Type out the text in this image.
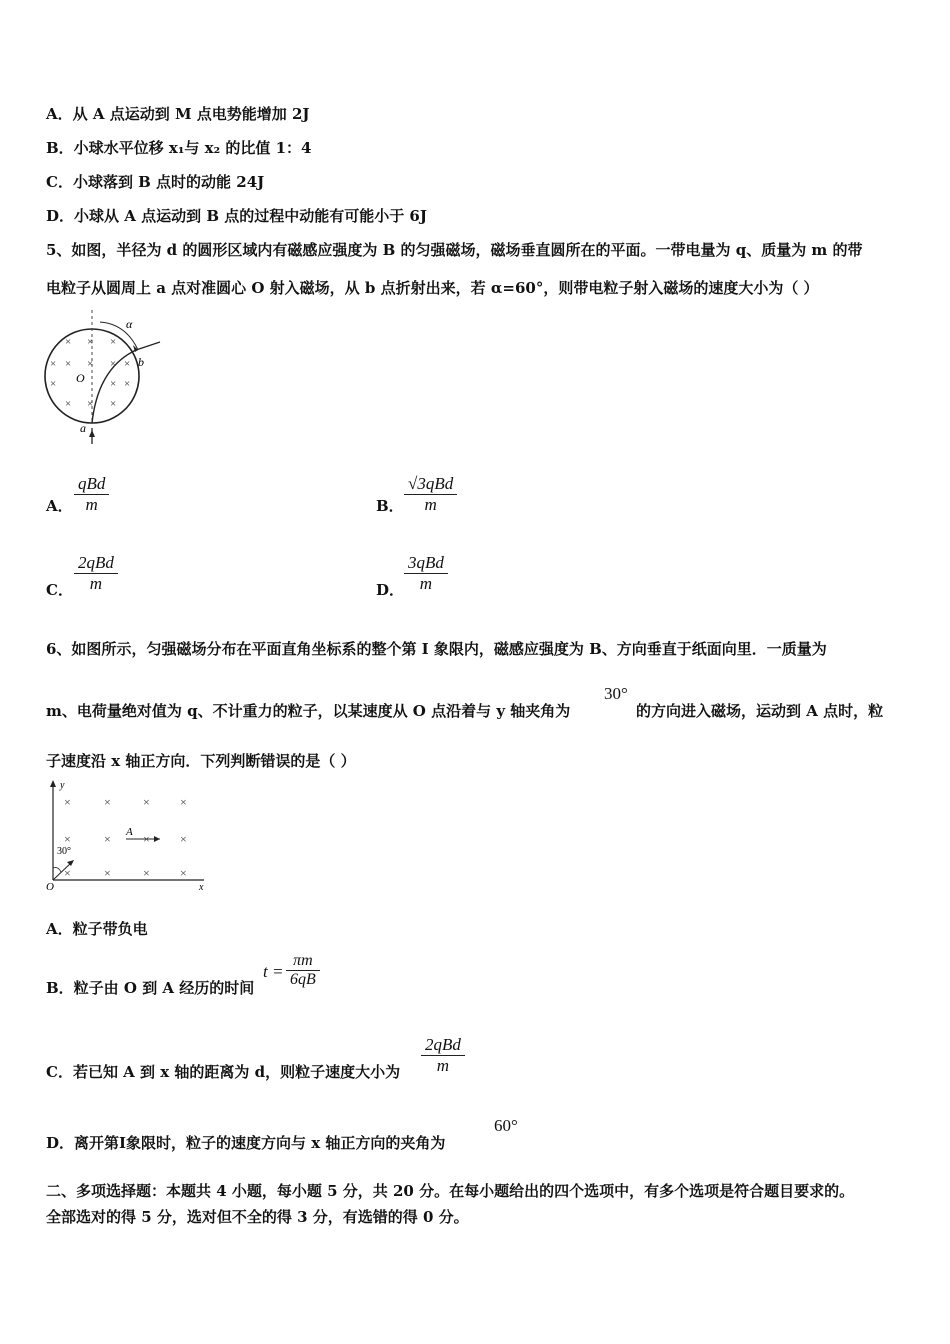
A．从 A 点运动到 M 点电势能增加 2J
B．小球水平位移 x₁与 x₂ 的比值 1：4
C．小球落到 B 点时的动能 24J
D．小球从 A 点运动到 B 点的过程中动能有可能小于 6J
5、如图，半径为 d 的圆形区域内有磁感应强度为 B 的匀强磁场，磁场垂直圆所在的平面。一带电量为 q、质量为 m 的带
电粒子从圆周上 a 点对准圆心 O 射入磁场，从 b 点折射出来，若 α=60°，则带电粒子射入磁场的速度大小为（ ）
α
b
O
a
× × ×
× × × × ×
×	× ×
× × ×
A．
qBd
m	B．
√3qBd
m
C．
2qBd
m	D．
3qBd
m
6、如图所示，匀强磁场分布在平面直角坐标系的整个第 I 象限内，磁感应强度为 B、方向垂直于纸面向里．一质量为
m、电荷量绝对值为 q、不计重力的粒子，以某速度从 O 点沿着与 y 轴夹角为
30°
的方向进入磁场，运动到 A 点时，粒
子速度沿 x 轴正方向．下列判断错误的是（ ）
y
x
O
A
30°
×	×	×	×
×	×	×	×
×	×	×	×
A．粒子带负电
B．粒子由 O 到 A 经历的时间
$t = \frac{\pi m}{6qB}$
C．若已知 A 到 x 轴的距离为 d，则粒子速度大小为
2qBd
m
D．离开第Ⅰ象限时，粒子的速度方向与 x 轴正方向的夹角为
60°
二、多项选择题：本题共 4 小题，每小题 5 分，共 20 分。在每小题给出的四个选项中，有多个选项是符合题目要求的。
全部选对的得 5 分，选对但不全的得 3 分，有选错的得 0 分。
